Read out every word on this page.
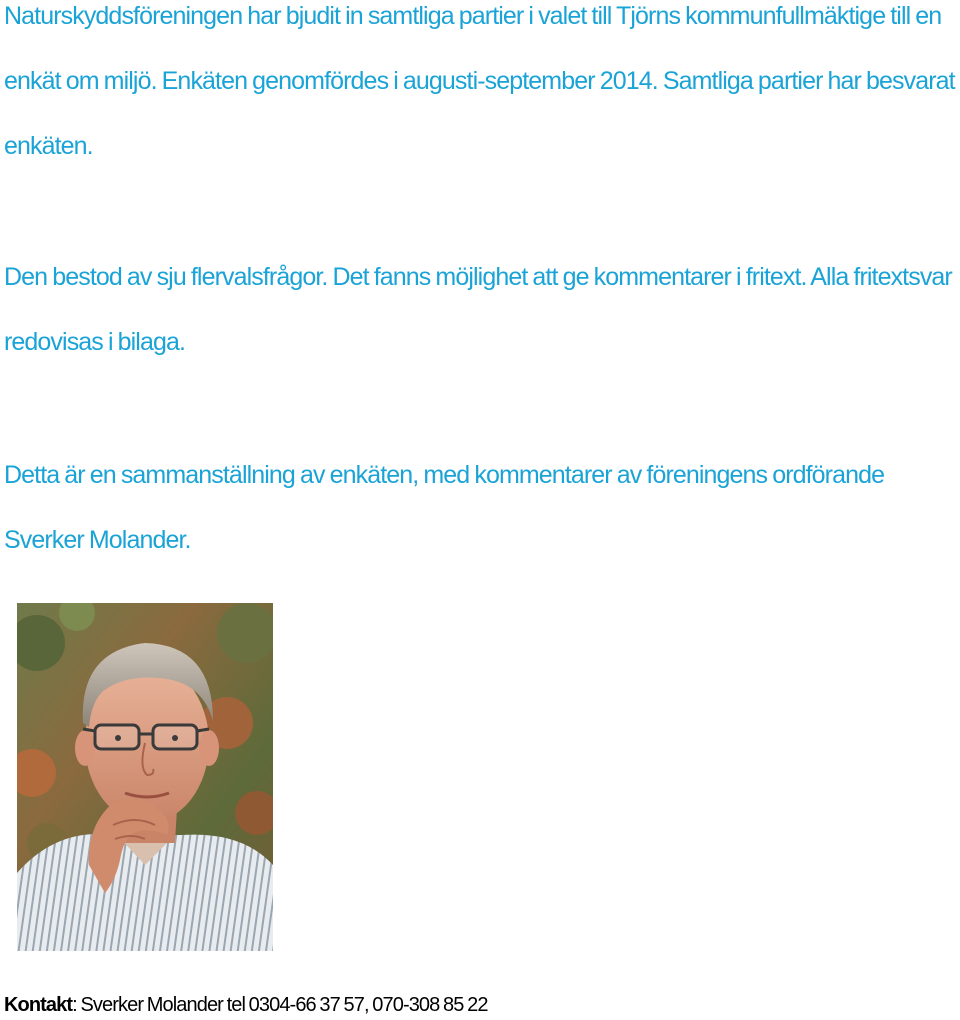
Naturskyddsföreningen har bjudit in samtliga partier i valet till Tjörns kommunfullmäktige till en enkät om miljö. Enkäten genomfördes i augusti-september 2014. Samtliga partier har besvarat enkäten.

Den bestod av sju flervalsfrågor. Det fanns möjlighet att ge kommentarer i fritext. Alla fritextsvar redovisas i bilaga.

Detta är en sammanställning av enkäten, med kommentarer av föreningens ordförande Sverker Molander.

Kontakt: Sverker Molander tel 0304-66 37 57, 070-308 85 22
